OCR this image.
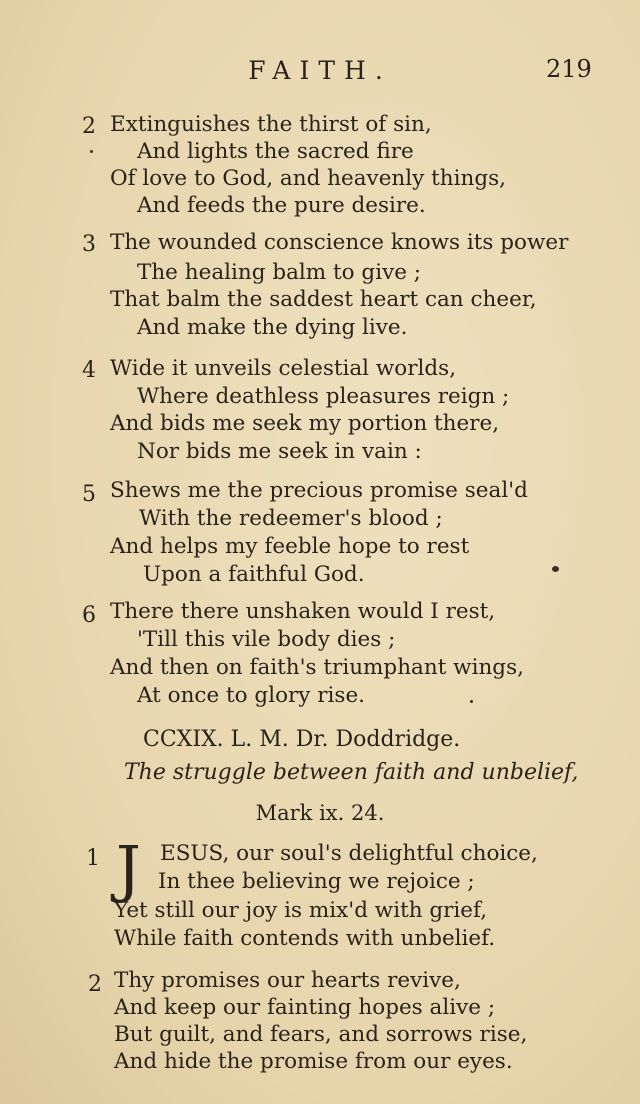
FAITH.	219
2 Extinguishes the thirst of sin,
And lights the sacred fire
Of love to God, and heavenly things,
And feeds the pure desire.
3 The wounded conscience knows its power
The healing balm to give ;
That balm the saddest heart can cheer,
And make the dying live.
4 Wide it unveils celestial worlds,
Where deathless pleasures reign ;
And bids me seek my portion there,
Nor bids me seek in vain :
5 Shews me the precious promise seal'd
With the redeemer's blood ;
And helps my feeble hope to rest
Upon a faithful God.
6 There there unshaken would I rest,
'Till this vile body dies ;
And then on faith's triumphant wings,
At once to glory rise.
CCXIX. L. M. Dr. Doddridge.
The struggle between faith and unbelief,
Mark ix. 24.
1 J ESUS, our soul's delightful choice,
In thee believing we rejoice ;
Yet still our joy is mix'd with grief,
While faith contends with unbelief.
2 Thy promises our hearts revive,
And keep our fainting hopes alive ;
But guilt, and fears, and sorrows rise,
And hide the promise from our eyes.
